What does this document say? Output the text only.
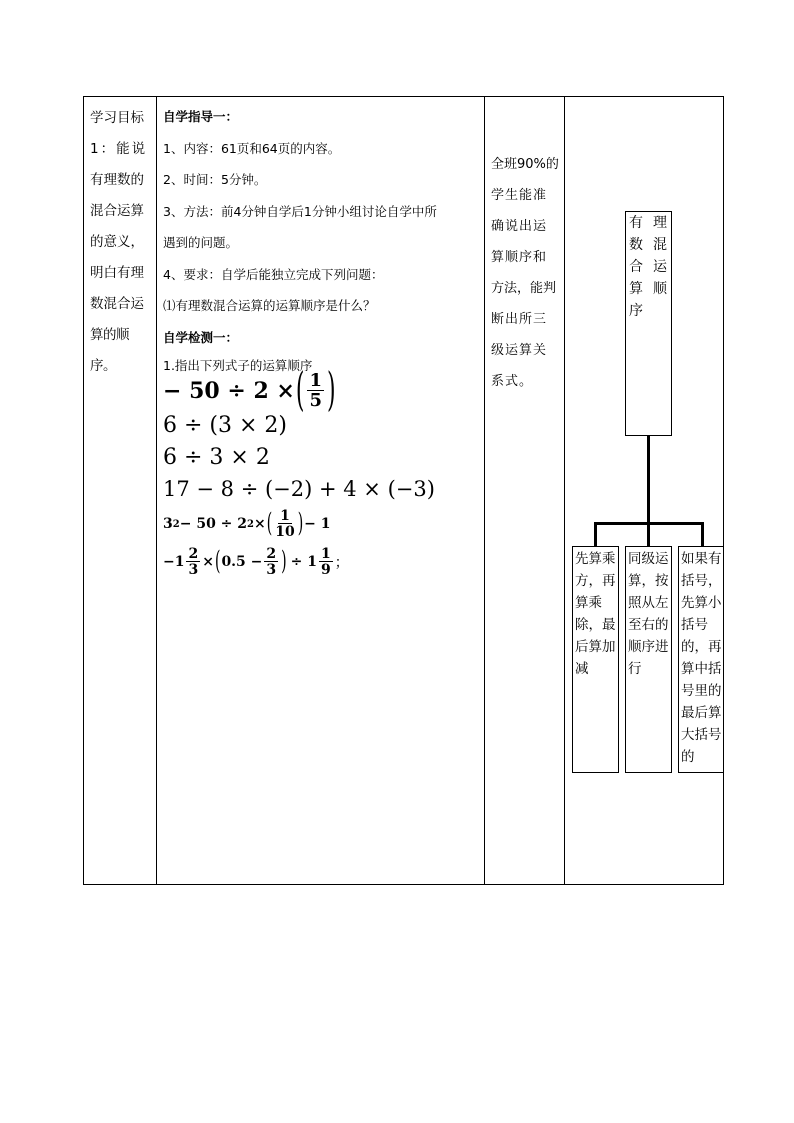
学习目标
1：能说
有理数的
混合运算
的意义，
明白有理
数混合运
算的顺序。
自学指导一：
1、内容：61页和64页的内容。
2、时间：5分钟。
3、方法：前4分钟自学后1分钟小组讨论自学中所
遇到的问题。
4、要求：自学后能独立完成下列问题：
⑴有理数混合运算的运算顺序是什么？
自学检测一：
1.指出下列式子的运算顺序
− 50 ÷ 2 × ( $\frac{1}{5}$ )
6 ÷ (3 × 2)
6 ÷ 3 × 2
17 − 8 ÷ (−2) + 4 × (−3)
3 2 − 50 ÷ 2 2 × ( $\frac{1}{10}$ ) − 1
$-1 \frac{2}{3}$ × ( $0.5 - \frac{2}{3}$ ) ÷ $1 \frac{1}{9}$ ；
全班90%的
学生能准
确说出运
算顺序和
方法，能判
断出所三
级运算关
系式。
有数合算序
理混运顺
先算乘方，再算乘除，最后算加减
同级运算，按照从左至右的顺序进行
如果有括号，先算小括号的，再算中括号里的最后算大括号的
